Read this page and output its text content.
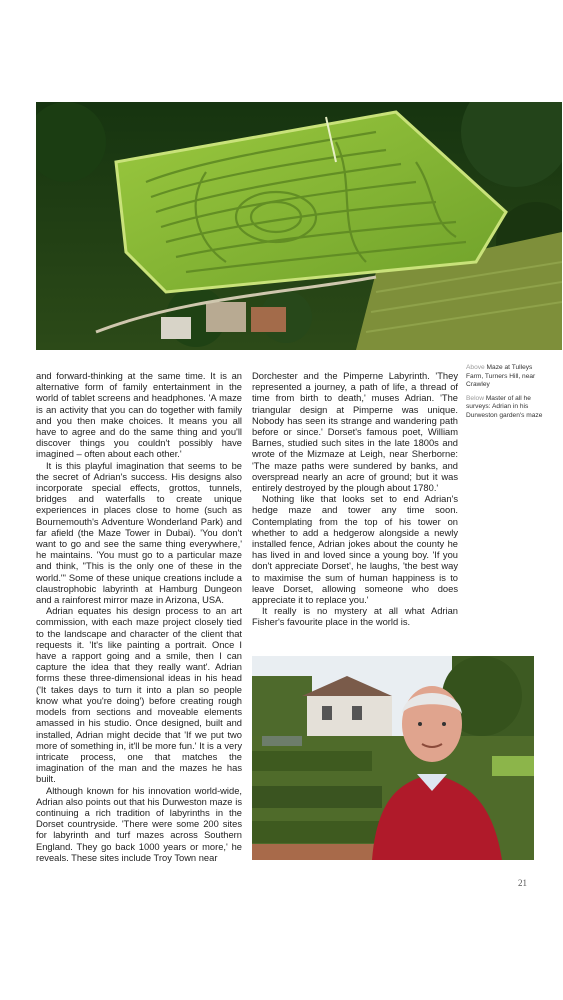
and forward-thinking at the same time. It is an alternative form of family entertainment in the world of tablet screens and headphones. 'A maze is an activity that you can do together with family and you then make choices. It means you all have to agree and do the same thing and you'll discover things you couldn't possibly have imagined – often about each other.'

It is this playful imagination that seems to be the secret of Adrian's success. His designs also incorporate special effects, grottos, tunnels, bridges and waterfalls to create unique experiences in places close to home (such as Bournemouth's Adventure Wonderland Park) and far afield (the Maze Tower in Dubai). 'You don't want to go and see the same thing everywhere,' he maintains. 'You must go to a particular maze and think, "This is the only one of these in the world."' Some of these unique creations include a claustrophobic labyrinth at Hamburg Dungeon and a rainforest mirror maze in Arizona, USA.

Adrian equates his design process to an art commission, with each maze project closely tied to the landscape and character of the client that requests it. 'It's like painting a portrait. Once I have a rapport going and a smile, then I can capture the idea that they really want'. Adrian forms these three-dimensional ideas in his head ('It takes days to turn it into a plan so people know what you're doing') before creating rough models from sections and moveable elements amassed in his studio. Once designed, built and installed, Adrian might decide that 'If we put two more of something in, it'll be more fun.' It is a very intricate process, one that matches the imagination of the man and the mazes he has built.

Although known for his innovation world-wide, Adrian also points out that his Durweston maze is continuing a rich tradition of labyrinths in the Dorset countryside. 'There were some 200 sites for labyrinth and turf mazes across Southern England. They go back 1000 years or more,' he reveals. These sites include Troy Town near

Dorchester and the Pimperne Labyrinth. 'They represented a journey, a path of life, a thread of time from birth to death,' muses Adrian. 'The triangular design at Pimperne was unique. Nobody has seen its strange and wandering path before or since.' Dorset's famous poet, William Barnes, studied such sites in the late 1800s and wrote of the Mizmaze at Leigh, near Sherborne: 'The maze paths were sundered by banks, and overspread nearly an acre of ground; but it was entirely destroyed by the plough about 1780.'

Nothing like that looks set to end Adrian's hedge maze and tower any time soon. Contemplating from the top of his tower on whether to add a hedgerow alongside a newly installed fence, Adrian jokes about the county he has lived in and loved since a young boy. 'If you don't appreciate Dorset', he laughs, 'the best way to maximise the sum of human happiness is to leave Dorset, allowing someone who does appreciate it to replace you.'

It really is no mystery at all what Adrian Fisher's favourite place in the world is.

Above Maze at Tulleys Farm, Turners Hill, near Crawley

Below Master of all he surveys: Adrian in his Durweston garden's maze

21
